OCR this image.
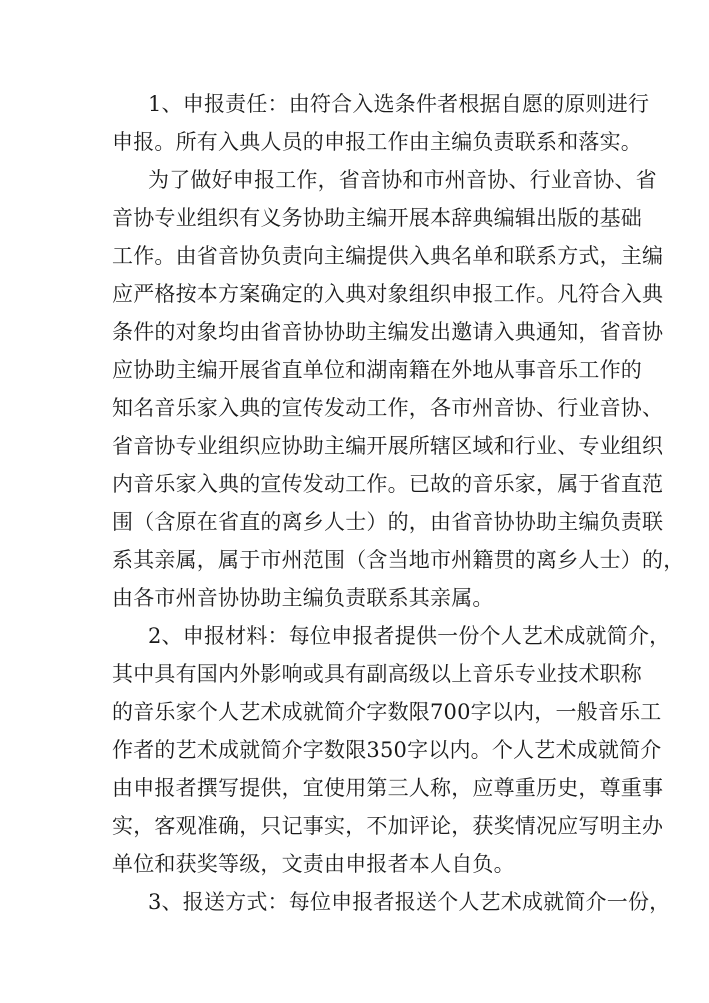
1、申报责任：由符合入选条件者根据自愿的原则进行
申报。所有入典人员的申报工作由主编负责联系和落实。
为了做好申报工作，省音协和市州音协、行业音协、省
音协专业组织有义务协助主编开展本辞典编辑出版的基础
工作。由省音协负责向主编提供入典名单和联系方式，主编
应严格按本方案确定的入典对象组织申报工作。凡符合入典
条件的对象均由省音协协助主编发出邀请入典通知，省音协
应协助主编开展省直单位和湖南籍在外地从事音乐工作的
知名音乐家入典的宣传发动工作，各市州音协、行业音协、
省音协专业组织应协助主编开展所辖区域和行业、专业组织
内音乐家入典的宣传发动工作。已故的音乐家，属于省直范
围（含原在省直的离乡人士）的，由省音协协助主编负责联
系其亲属，属于市州范围（含当地市州籍贯的离乡人士）的，
由各市州音协协助主编负责联系其亲属。
2、申报材料：每位申报者提供一份个人艺术成就简介，
其中具有国内外影响或具有副高级以上音乐专业技术职称
的音乐家个人艺术成就简介字数限700字以内，一般音乐工
作者的艺术成就简介字数限350字以内。个人艺术成就简介
由申报者撰写提供，宜使用第三人称，应尊重历史，尊重事
实，客观准确，只记事实，不加评论，获奖情况应写明主办
单位和获奖等级，文责由申报者本人自负。
3、报送方式：每位申报者报送个人艺术成就简介一份，
